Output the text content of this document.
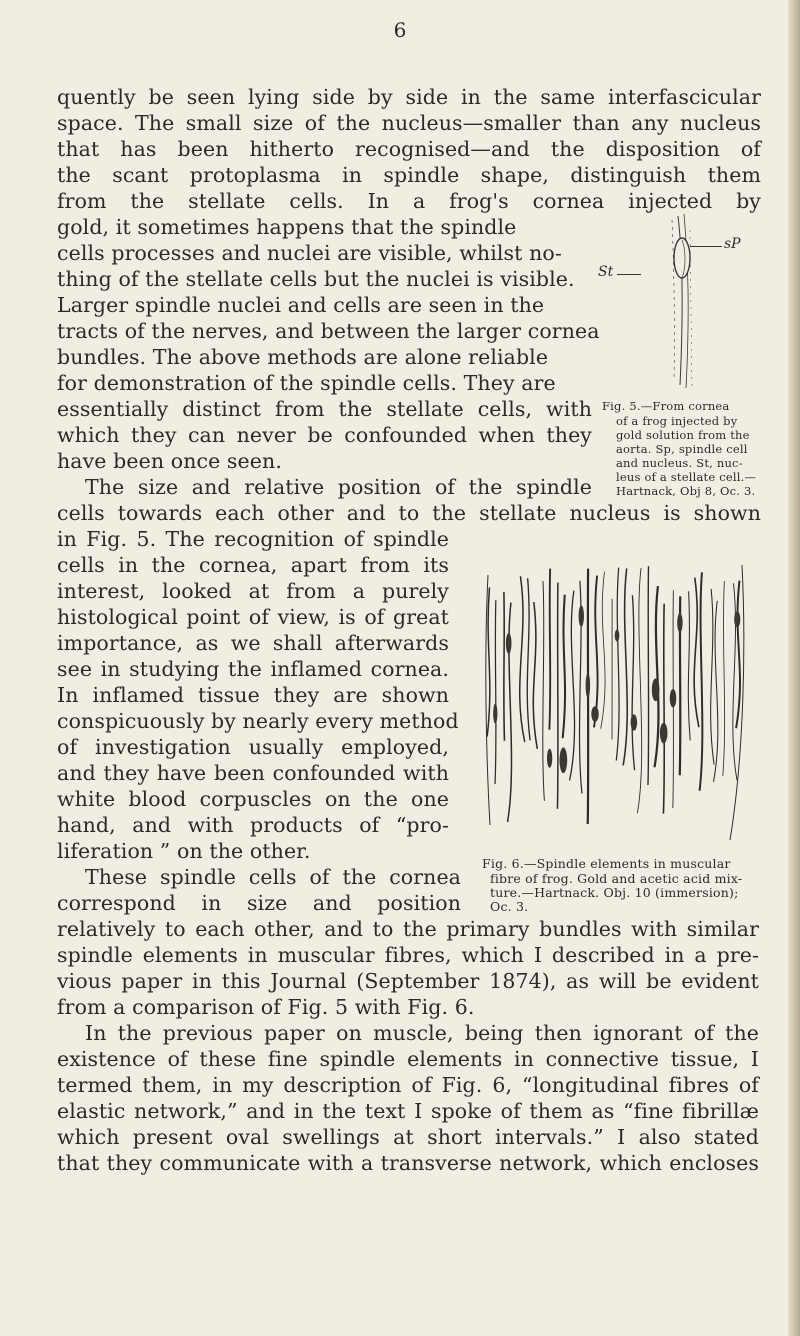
6
quently be seen lying side by side in the same interfascicular
space. The small size of the nucleus—smaller than any nucleus
that has been hitherto recognised—and the disposition of
the scant protoplasma in spindle shape, distinguish them
from the stellate cells. In a frog's cornea injected by
gold, it sometimes happens that the spindle
cells processes and nuclei are visible, whilst no-
thing of the stellate cells but the nuclei is visible.
Larger spindle nuclei and cells are seen in the
tracts of the nerves, and between the larger cornea
bundles. The above methods are alone reliable
for demonstration of the spindle cells. They are
essentially distinct from the stellate cells, with
which they can never be confounded when they
have been once seen.
The size and relative position of the spindle
sP
St
Fig. 5.—From cornea
of a frog injected by
gold solution from the
aorta. Sp, spindle cell
and nucleus. St, nuc-
leus of a stellate cell.—
Hartnack, Obj 8, Oc. 3.
cells towards each other and to the stellate nucleus is shown
in Fig. 5. The recognition of spindle
cells in the cornea, apart from its
interest, looked at from a purely
histological point of view, is of great
importance, as we shall afterwards
see in studying the inflamed cornea.
In inflamed tissue they are shown
conspicuously by nearly every method
of investigation usually employed,
and they have been confounded with
white blood corpuscles on the one
hand, and with products of “pro-
liferation ” on the other.
These spindle cells of the cornea
correspond in size and position
Fig. 6.—Spindle elements in muscular
fibre of frog. Gold and acetic acid mix-
ture.—Hartnack. Obj. 10 (immersion);
Oc. 3.
relatively to each other, and to the primary bundles with similar
spindle elements in muscular fibres, which I described in a pre-
vious paper in this Journal (September 1874), as will be evident
from a comparison of Fig. 5 with Fig. 6.
In the previous paper on muscle, being then ignorant of the
existence of these fine spindle elements in connective tissue, I
termed them, in my description of Fig. 6, “longitudinal fibres of
elastic network,” and in the text I spoke of them as “fine fibrillæ
which present oval swellings at short intervals.” I also stated
that they communicate with a transverse network, which encloses
